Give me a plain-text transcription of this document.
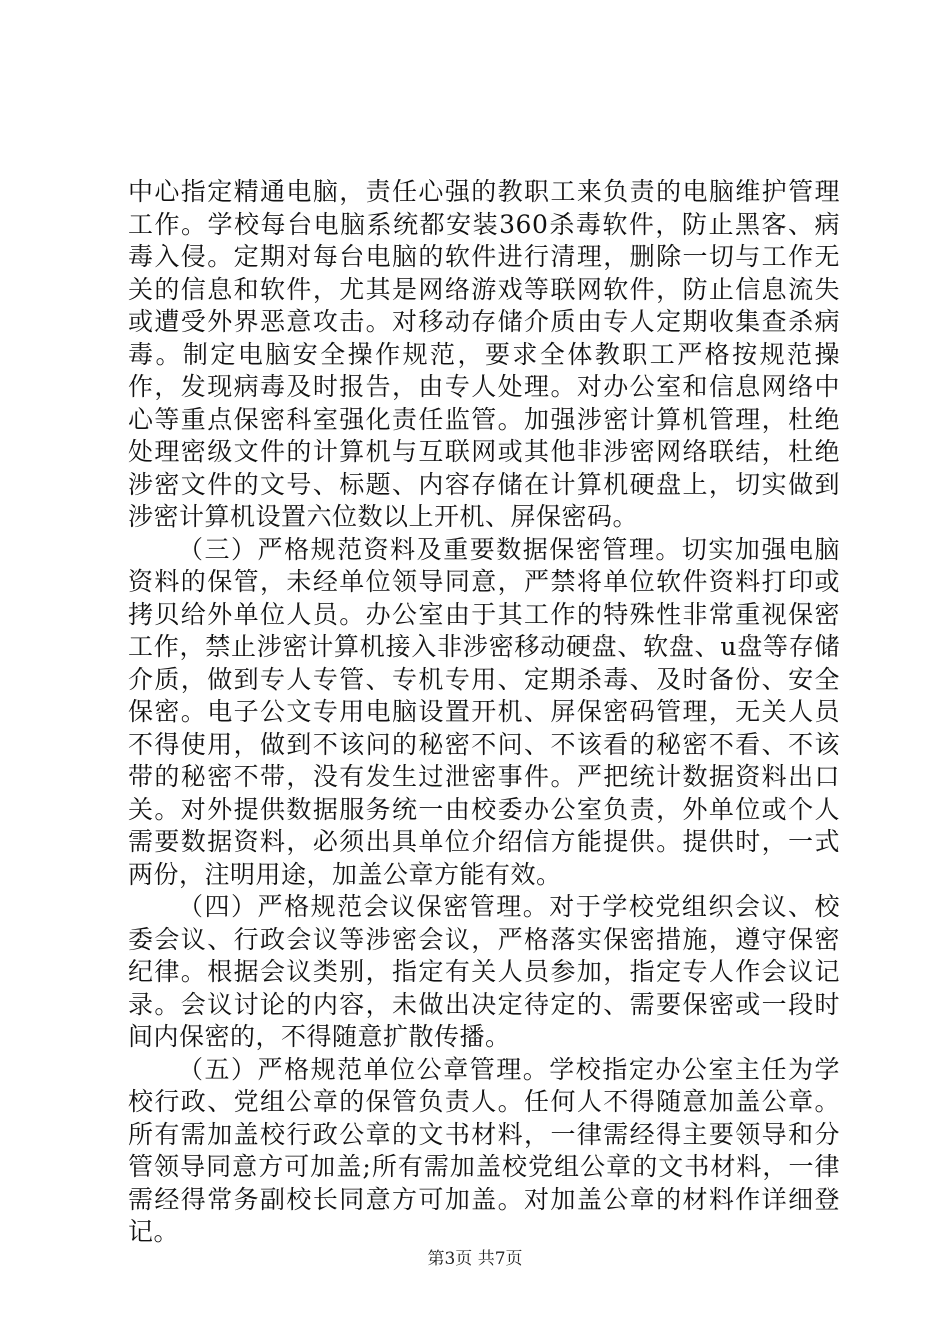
中心指定精通电脑，责任心强的教职工来负责的电脑维护管理工作。学校每台电脑系统都安装360杀毒软件，防止黑客、病毒入侵。定期对每台电脑的软件进行清理，删除一切与工作无关的信息和软件，尤其是网络游戏等联网软件，防止信息流失或遭受外界恶意攻击。对移动存储介质由专人定期收集查杀病毒。制定电脑安全操作规范，要求全体教职工严格按规范操作，发现病毒及时报告，由专人处理。对办公室和信息网络中心等重点保密科室强化责任监管。加强涉密计算机管理，杜绝处理密级文件的计算机与互联网或其他非涉密网络联结，杜绝涉密文件的文号、标题、内容存储在计算机硬盘上，切实做到涉密计算机设置六位数以上开机、屏保密码。

（三）严格规范资料及重要数据保密管理。切实加强电脑资料的保管，未经单位领导同意，严禁将单位软件资料打印或拷贝给外单位人员。办公室由于其工作的特殊性非常重视保密工作，禁止涉密计算机接入非涉密移动硬盘、软盘、u盘等存储介质，做到专人专管、专机专用、定期杀毒、及时备份、安全保密。电子公文专用电脑设置开机、屏保密码管理，无关人员不得使用，做到不该问的秘密不问、不该看的秘密不看、不该带的秘密不带，没有发生过泄密事件。严把统计数据资料出口关。对外提供数据服务统一由校委办公室负责，外单位或个人需要数据资料，必须出具单位介绍信方能提供。提供时，一式两份，注明用途，加盖公章方能有效。

（四）严格规范会议保密管理。对于学校党组织会议、校委会议、行政会议等涉密会议，严格落实保密措施，遵守保密纪律。根据会议类别，指定有关人员参加，指定专人作会议记录。会议讨论的内容，未做出决定待定的、需要保密或一段时间内保密的，不得随意扩散传播。

（五）严格规范单位公章管理。学校指定办公室主任为学校行政、党组公章的保管负责人。任何人不得随意加盖公章。所有需加盖校行政公章的文书材料，一律需经得主要领导和分管领导同意方可加盖;所有需加盖校党组公章的文书材料，一律需经得常务副校长同意方可加盖。对加盖公章的材料作详细登记。

第3页 共7页
